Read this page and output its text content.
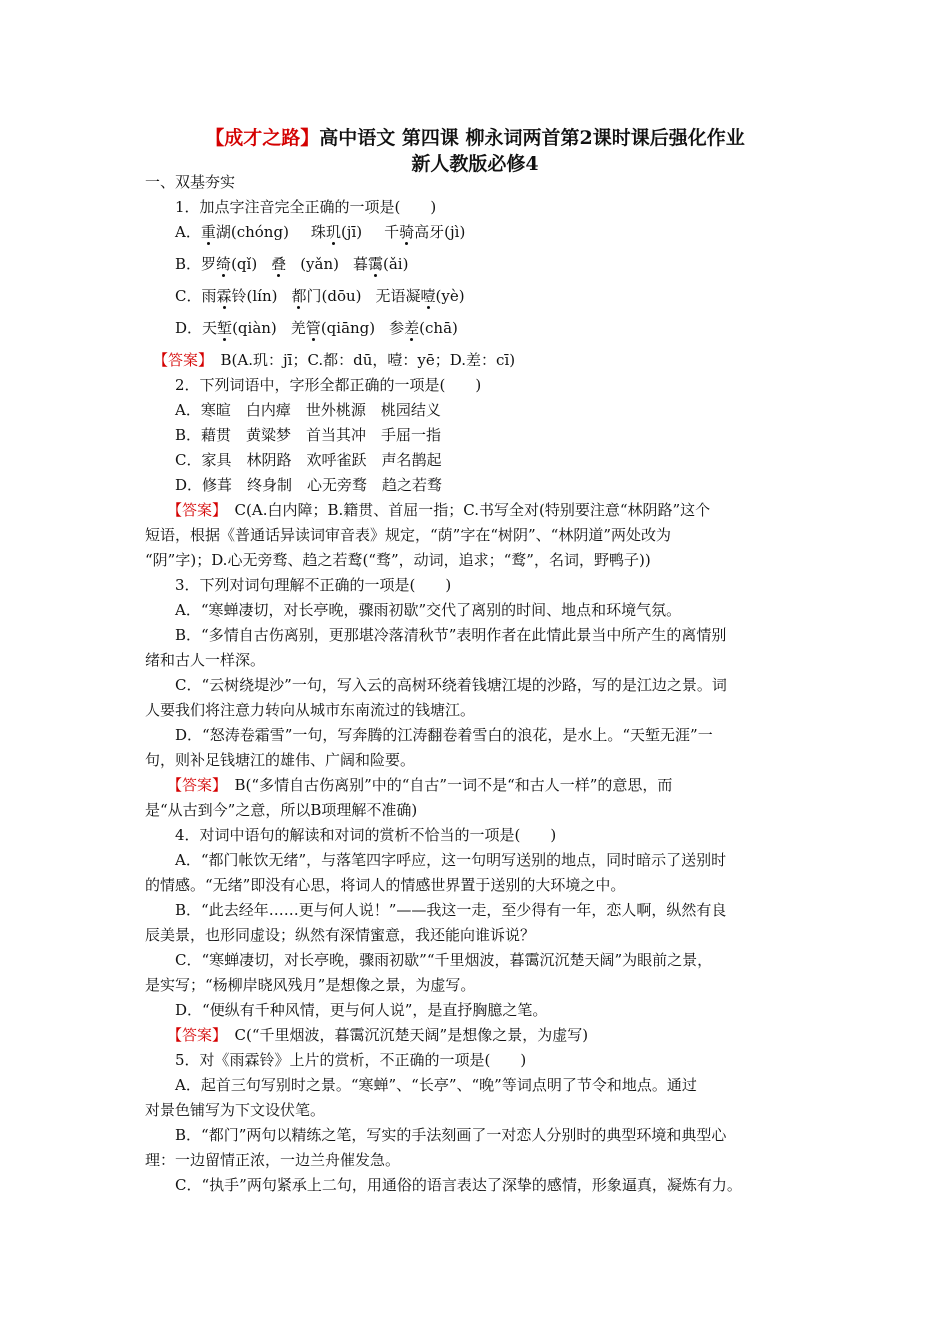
【成才之路】高中语文 第四课 柳永词两首第2课时课后强化作业
新人教版必修4
一、双基夯实
1．加点字注音完全正确的一项是(　　)
A．重湖(chóng) 珠玑(jī) 千骑高牙(jì)
B．罗绮(qǐ) 叠 (yǎn) 暮霭(ǎi)
C．雨霖铃(lín) 都门(dōu) 无语凝噎(yè)
D．天堑(qiàn) 羌管(qiāng) 参差(chā)
【答案】　 B(A.玑：jī；C.都：dū，噎：yē；D.差：cī)
2．下列词语中，字形全都正确的一项是(　　)
A．寒暄　白内瘴　世外桃源　桃园结义
B．藉贯　黄粱梦　首当其冲　手屈一指
C．家具　林阴路　欢呼雀跃　声名鹊起
D．修葺　终身制　心无旁骛　趋之若骛
【答案】　 C(A.白内障；B.籍贯、首屈一指；C.书写全对(特别要注意“林阴路”这个
短语，根据《普通话异读词审音表》规定，“荫”字在“树阴”、“林阴道”两处改为
“阴”字)；D.心无旁骛、趋之若鹜(“骛”，动词，追求；“鹜”，名词，野鸭子))
3．下列对词句理解不正确的一项是(　　)
A．“寒蝉凄切，对长亭晚，骤雨初歇”交代了离别的时间、地点和环境气氛。
B．“多情自古伤离别，更那堪冷落清秋节”表明作者在此情此景当中所产生的离情别
绪和古人一样深。
C．“云树绕堤沙”一句，写入云的高树环绕着钱塘江堤的沙路，写的是江边之景。词
人要我们将注意力转向从城市东南流过的钱塘江。
D．“怒涛卷霜雪”一句，写奔腾的江涛翻卷着雪白的浪花，是水上。“天堑无涯”一
句，则补足钱塘江的雄伟、广阔和险要。
【答案】　 B(“多情自古伤离别”中的“自古”一词不是“和古人一样”的意思，而
是“从古到今”之意，所以B项理解不准确)
4．对词中语句的解读和对词的赏析不恰当的一项是(　　)
A．“都门帐饮无绪”，与落笔四字呼应，这一句明写送别的地点，同时暗示了送别时
的情感。“无绪”即没有心思，将词人的情感世界置于送别的大环境之中。
B．“此去经年……更与何人说！”——我这一走，至少得有一年，恋人啊，纵然有良
辰美景，也形同虚设；纵然有深情蜜意，我还能向谁诉说？
C．“寒蝉凄切，对长亭晚，骤雨初歇”“千里烟波，暮霭沉沉楚天阔”为眼前之景，
是实写；“杨柳岸晓风残月”是想像之景，为虚写。
D．“便纵有千种风情，更与何人说”，是直抒胸臆之笔。
【答案】　 C(“千里烟波，暮霭沉沉楚天阔”是想像之景，为虚写)
5．对《雨霖铃》上片的赏析，不正确的一项是(　　)
A．起首三句写别时之景。“寒蝉”、“长亭”、“晚”等词点明了节令和地点。通过
对景色铺写为下文设伏笔。
B．“都门”两句以精练之笔，写实的手法刻画了一对恋人分别时的典型环境和典型心
理：一边留情正浓，一边兰舟催发急。
C．“执手”两句紧承上二句，用通俗的语言表达了深挚的感情，形象逼真，凝炼有力。
